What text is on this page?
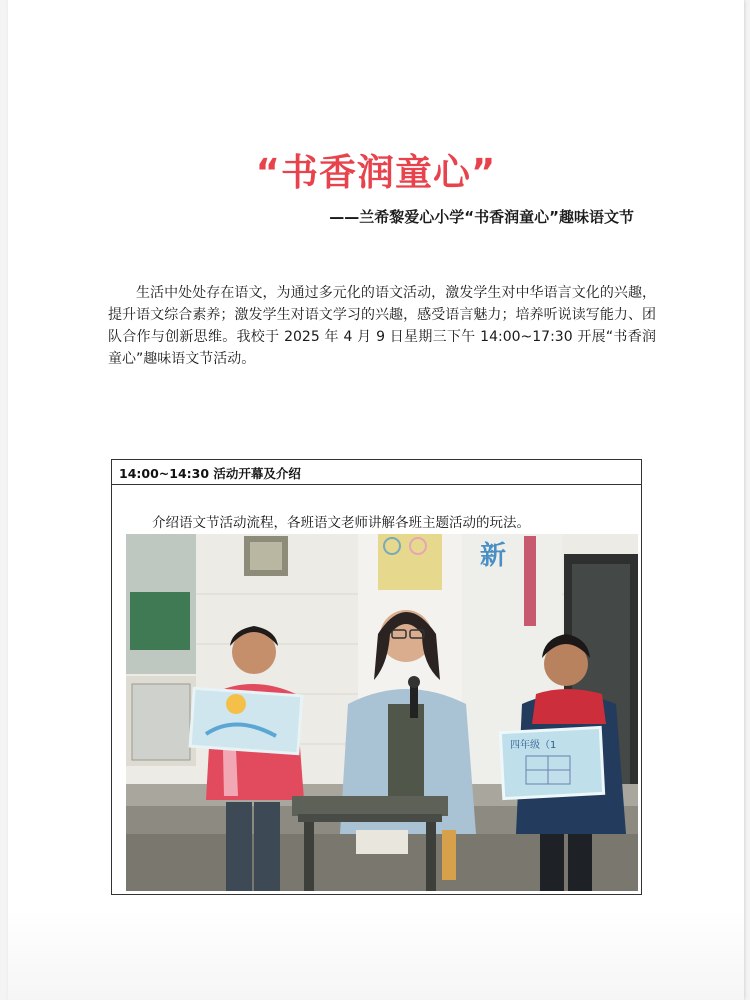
“书香润童心”
——兰希黎爱心小学“书香润童心”趣味语文节

生活中处处存在语文，为通过多元化的语文活动，激发学生对中华语言文化的兴趣，提升语文综合素养；激发学生对语文学习的兴趣，感受语言魅力；培养听说读写能力、团队合作与创新思维。我校于 2025 年 4 月 9 日星期三下午 14:00~17:30 开展“书香润童心”趣味语文节活动。

14:00~14:30 活动开幕及介绍
介绍语文节活动流程，各班语文老师讲解各班主题活动的玩法。
新
四年级（1
